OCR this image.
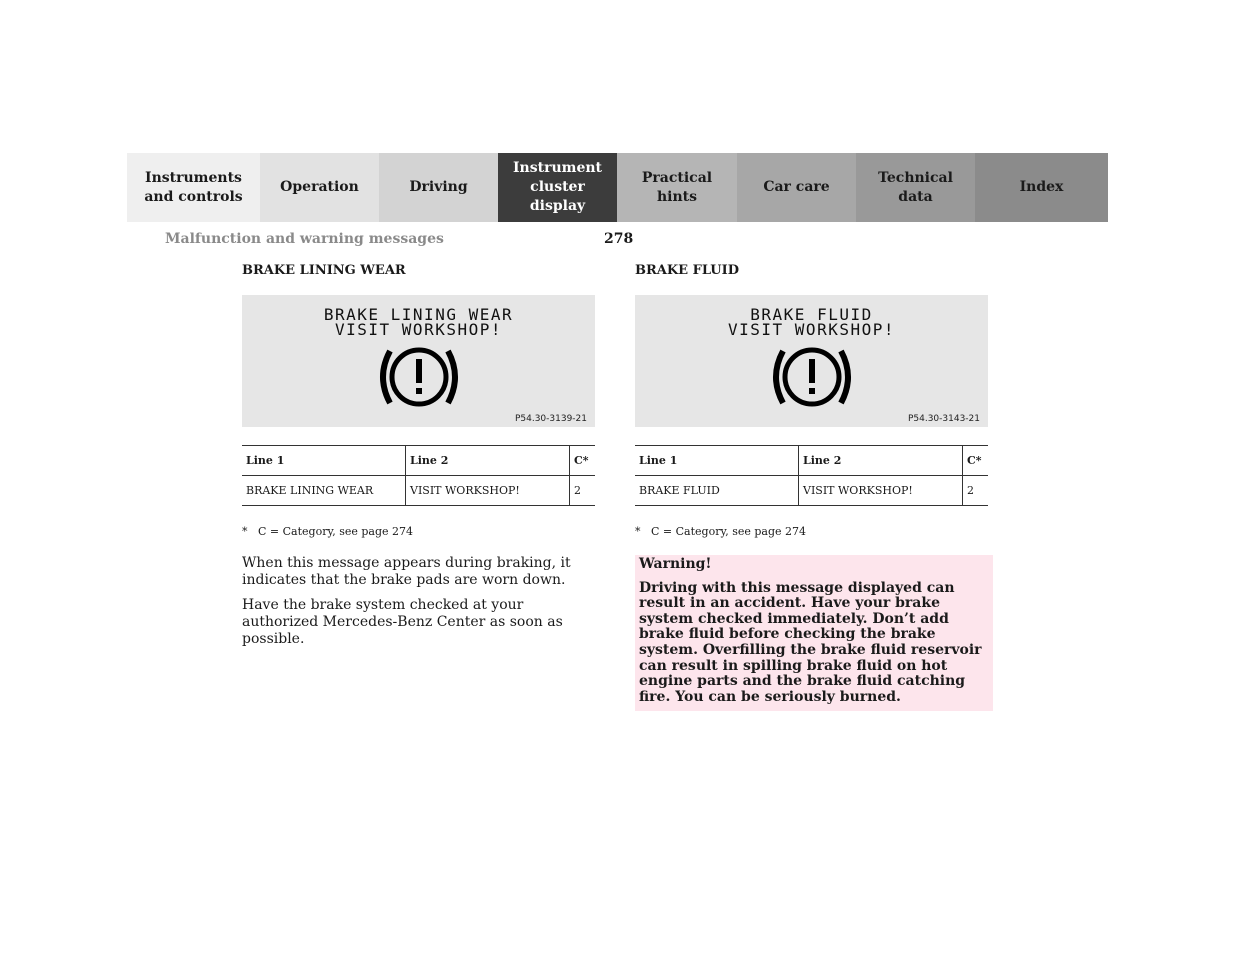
Instruments
and controls
Operation	Driving
Instrument
cluster display
Practical hints
Car care
Technical
data
Index
Malfunction and warning messages	278
BRAKE LINING WEAR
BRAKE LINING WEAR
VISIT WORKSHOP!
P54.30-3139-21
Line 1	Line 2	C*
BRAKE LINING WEAR	VISIT WORKSHOP!	2
* C = Category, see page 274

When this message appears during braking, it indicates that the brake pads are worn down.

Have the brake system checked at your authorized Mercedes-Benz Center as soon as possible.

BRAKE FLUID
BRAKE FLUID
VISIT WORKSHOP!
P54.30-3143-21
Line 1	Line 2	C*
BRAKE FLUID	VISIT WORKSHOP!	2
* C = Category, see page 274
Warning!
Driving with this message displayed can result in an accident. Have your brake system checked immediately. Don’t add brake fluid before checking the brake system. Overfilling the brake fluid reservoir can result in spilling brake fluid on hot engine parts and the brake fluid catching fire. You can be seriously burned.
